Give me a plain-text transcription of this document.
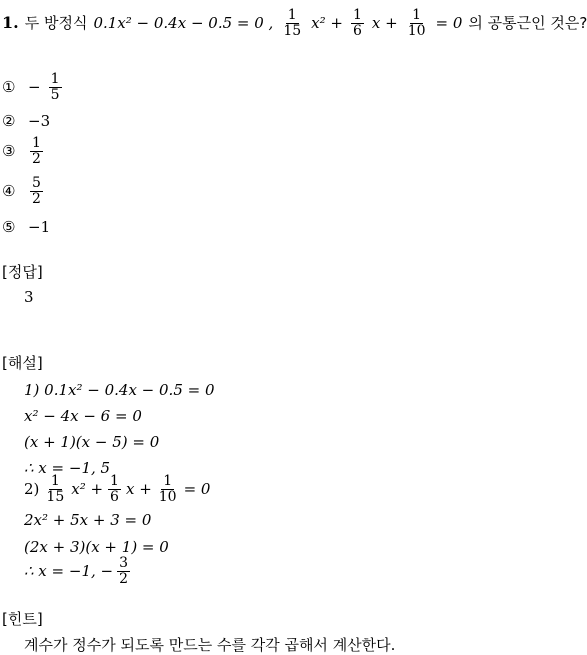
1. 두 방정식 0.1x² − 0.4x − 0.5 = 0 , $\frac{1}{15} x^2 + \frac{1}{6}$ $x + \frac{1}{10} = 0$ 의 공통근인 것은?
① − $\frac{1}{5}$
② −3
③	$\frac{1}{2}$
④	$\frac{5}{2}$
⑤ −1
[정답]
3
[해설]
1) 0.1x² − 0.4x − 0.5 = 0
x² − 4x − 6 = 0
(x + 1)(x − 5) = 0
∴ x = −1, 5
$2) \frac{1}{15} x^2 + \frac{1}{6}$ $x + \frac{1}{10} = 0$
2x² + 5x + 3 = 0
(2x + 3)(x + 1) = 0
∴ x = −1, − $\frac{3}{2}$
[힌트]
계수가 정수가 되도록 만드는 수를 각각 곱해서 계산한다.
